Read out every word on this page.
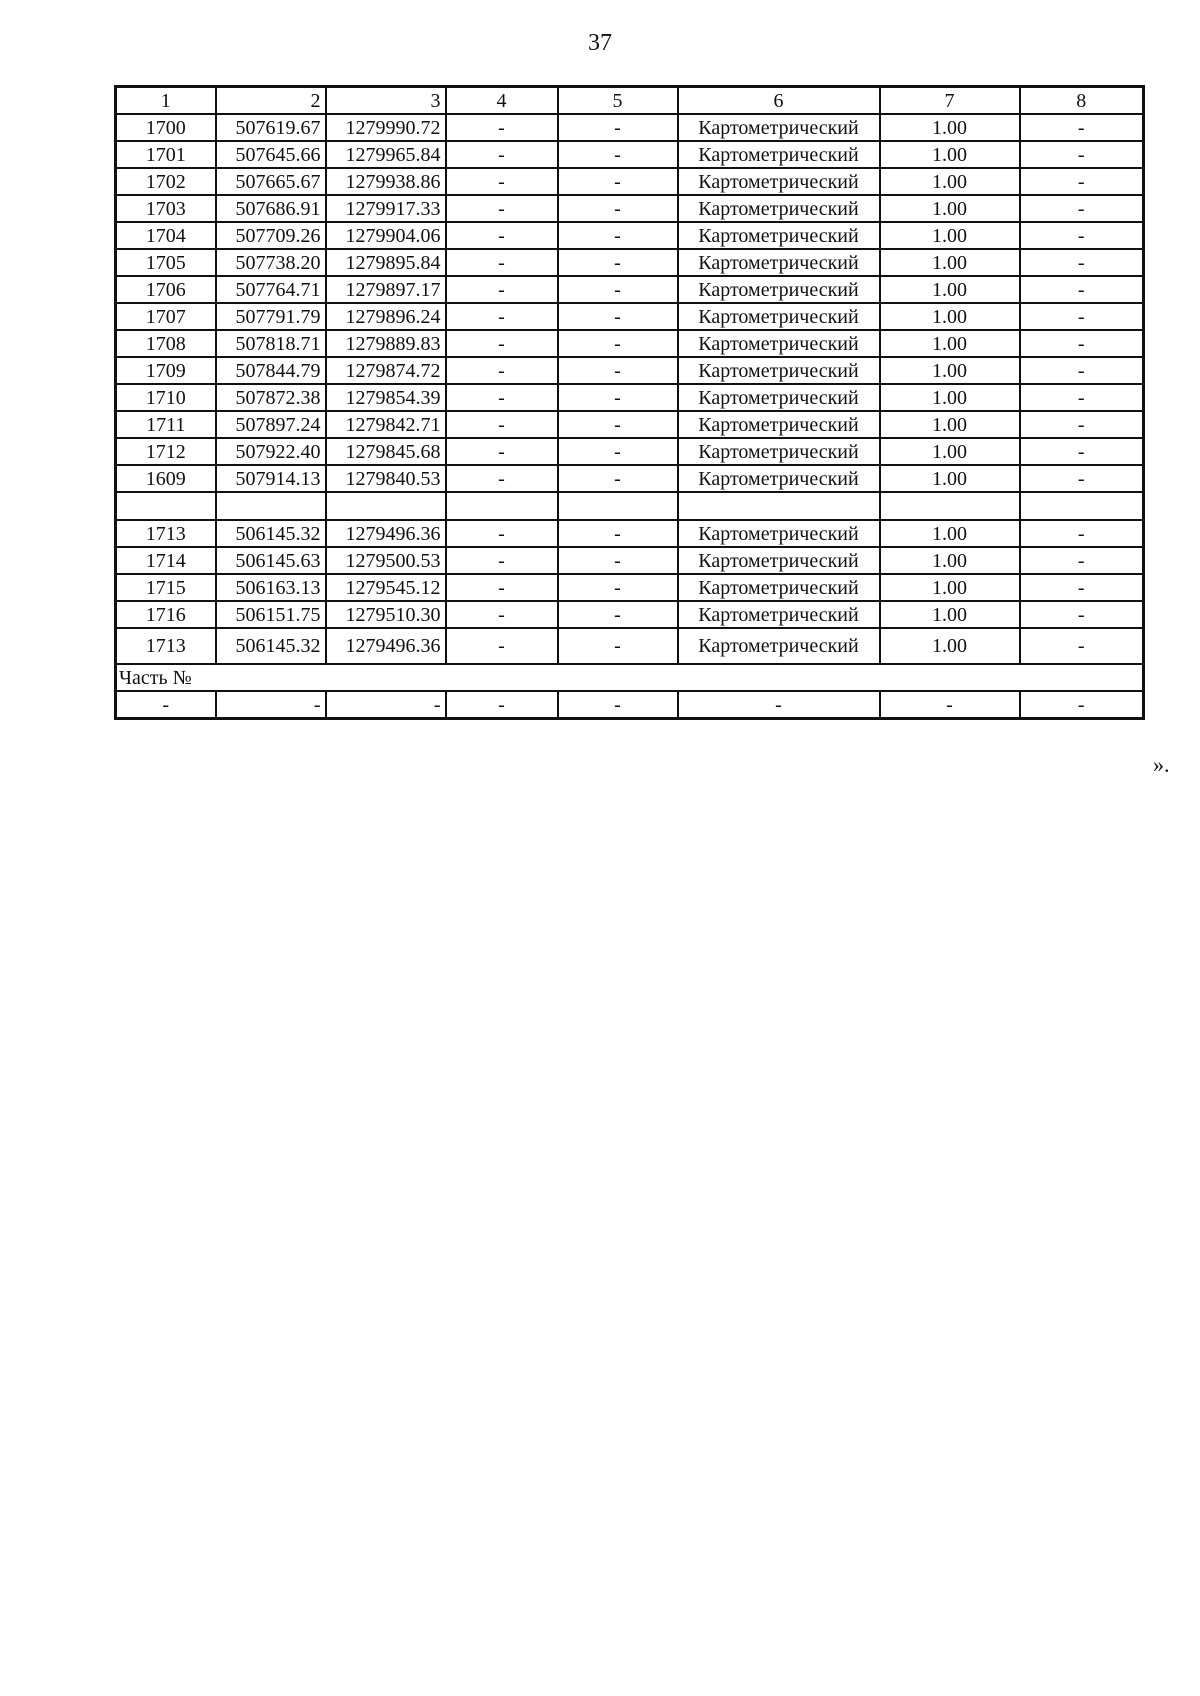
37
1	2	3	4	5	6	7	8
1700	507619.67	1279990.72	-	-	Картометрический	1.00	-
1701	507645.66	1279965.84	-	-	Картометрический	1.00	-
1702	507665.67	1279938.86	-	-	Картометрический	1.00	-
1703	507686.91	1279917.33	-	-	Картометрический	1.00	-
1704	507709.26	1279904.06	-	-	Картометрический	1.00	-
1705	507738.20	1279895.84	-	-	Картометрический	1.00	-
1706	507764.71	1279897.17	-	-	Картометрический	1.00	-
1707	507791.79	1279896.24	-	-	Картометрический	1.00	-
1708	507818.71	1279889.83	-	-	Картометрический	1.00	-
1709	507844.79	1279874.72	-	-	Картометрический	1.00	-
1710	507872.38	1279854.39	-	-	Картометрический	1.00	-
1711	507897.24	1279842.71	-	-	Картометрический	1.00	-
1712	507922.40	1279845.68	-	-	Картометрический	1.00	-
1609	507914.13	1279840.53	-	-	Картометрический	1.00	-

1713	506145.32	1279496.36	-	-	Картометрический	1.00	-
1714	506145.63	1279500.53	-	-	Картометрический	1.00	-
1715	506163.13	1279545.12	-	-	Картометрический	1.00	-
1716	506151.75	1279510.30	-	-	Картометрический	1.00	-
1713	506145.32	1279496.36	-	-	Картометрический	1.00	-
Часть №							
-	-	-	-	-	-	-	-
».
